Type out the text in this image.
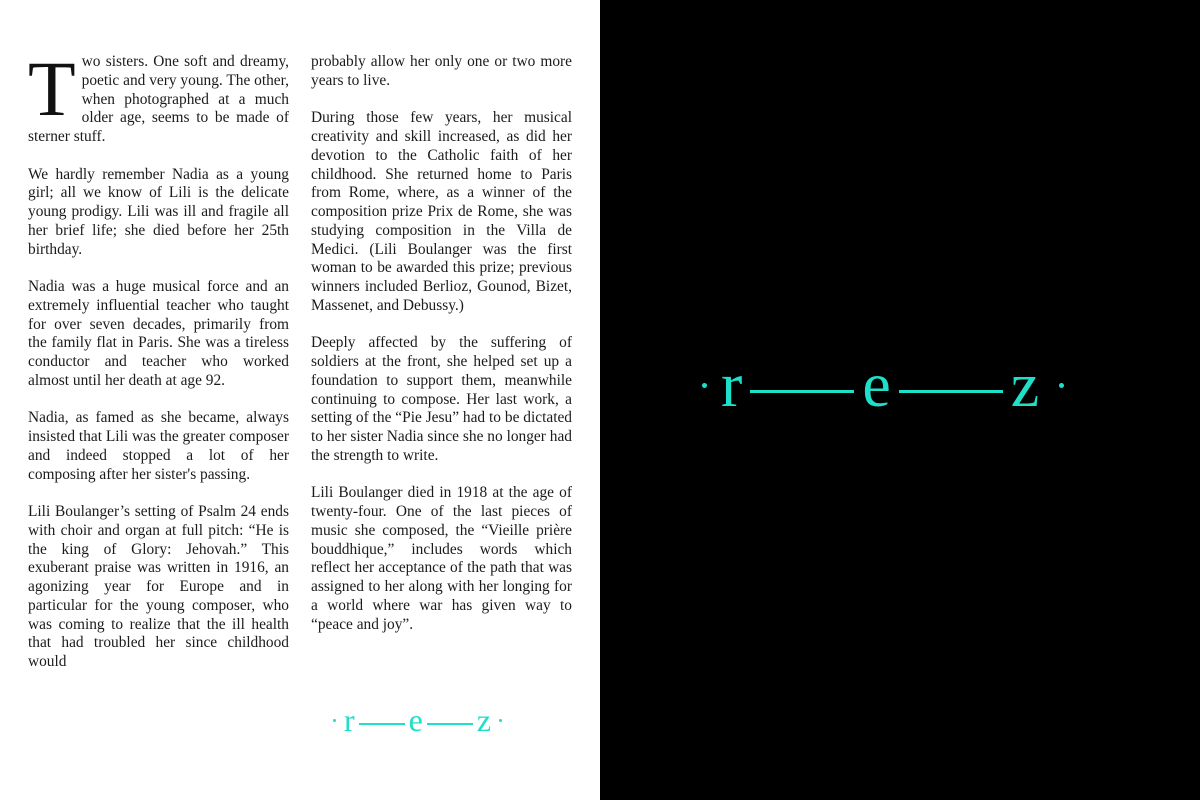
Two sisters. One soft and dreamy, poetic and very young. The other, when photographed at a much older age, seems to be made of sterner stuff.

We hardly remember Nadia as a young girl; all we know of Lili is the delicate young prodigy. Lili was ill and fragile all her brief life; she died before her 25th birthday.

Nadia was a huge musical force and an extremely influential teacher who taught for over seven decades, primarily from the family flat in Paris. She was a tireless conductor and teacher who worked almost until her death at age 92.

Nadia, as famed as she became, always insisted that Lili was the greater composer and indeed stopped a lot of her composing after her sister's passing.

Lili Boulanger’s setting of Psalm 24 ends with choir and organ at full pitch: “He is the king of Glory: Jehovah.” This exuberant praise was written in 1916, an agonizing year for Europe and in particular for the young composer, who was coming to realize that the ill health that had troubled her since childhood would

probably allow her only one or two more years to live.

During those few years, her musical creativity and skill increased, as did her devotion to the Catholic faith of her childhood. She returned home to Paris from Rome, where, as a winner of the composition prize Prix de Rome, she was studying composition in the Villa de Medici. (Lili Boulanger was the first woman to be awarded this prize; previous winners included Berlioz, Gounod, Bizet, Massenet, and Debussy.)

Deeply affected by the suffering of soldiers at the front, she helped set up a foundation to support them, meanwhile continuing to compose. Her last work, a setting of the “Pie Jesu” had to be dictated to her sister Nadia since she no longer had the strength to write.

Lili Boulanger died in 1918 at the age of twenty-four. One of the last pieces of music she composed, the “Vieille prière bouddhique,” includes words which reflect her acceptance of the path that was assigned to her along with her longing for a world where war has given way to “peace and joy”.

r e z
r e z
